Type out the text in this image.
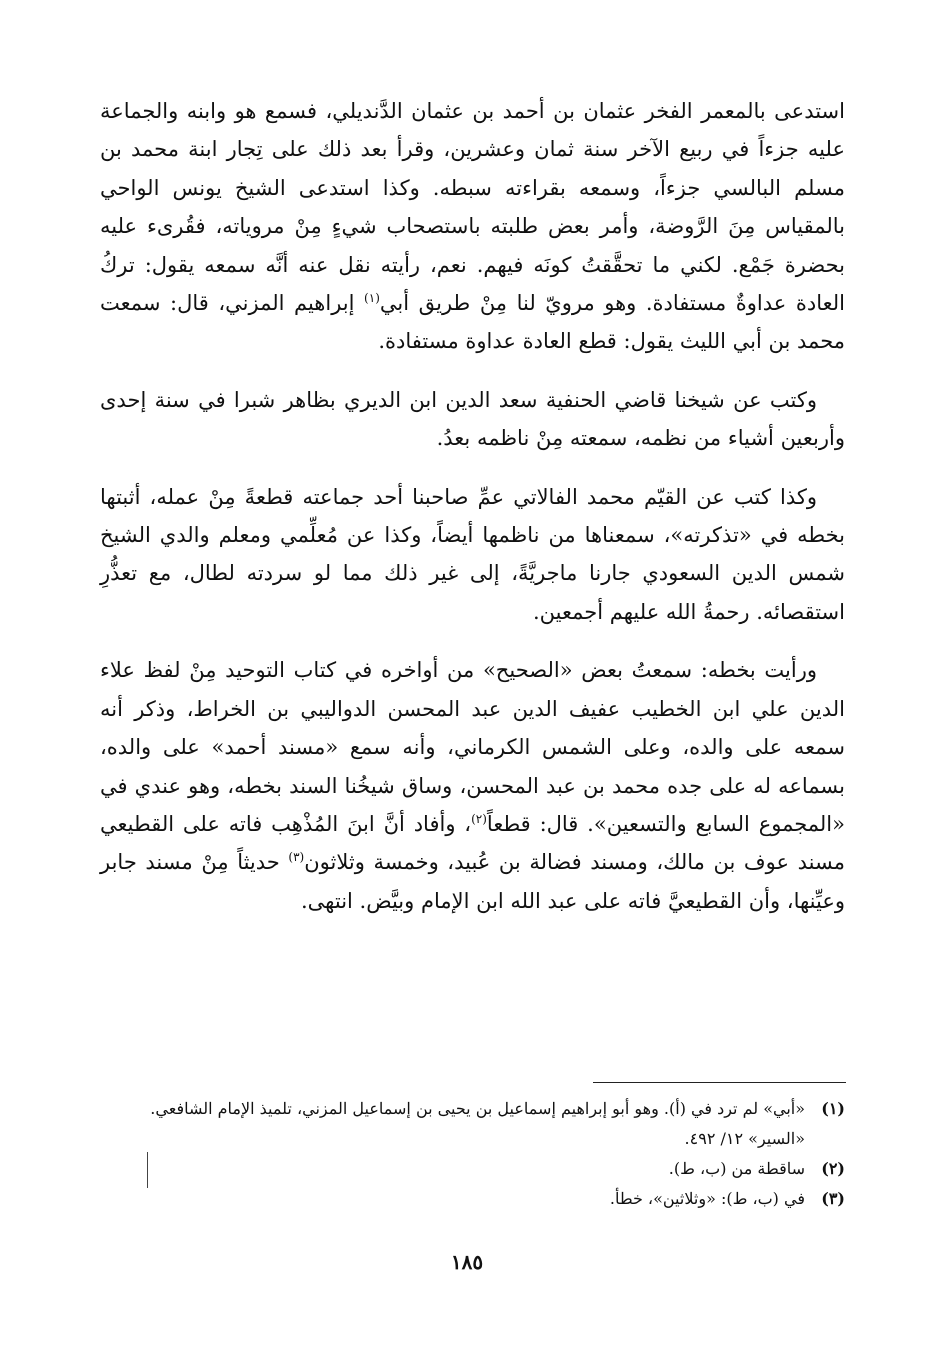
استدعى بالمعمر الفخر عثمان بن أحمد بن عثمان الدَّنديلي، فسمع هو وابنه والجماعة عليه جزءاً في ربيع الآخر سنة ثمان وعشرين، وقرأ بعد ذلك على تِجار ابنة محمد بن مسلم البالسي جزءاً، وسمعه بقراءته سبطه. وكذا استدعى الشيخ يونس الواحي بالمقياس مِنَ الرَّوضة، وأمر بعض طلبته باستصحاب شيءٍ مِنْ مروياته، فقُرىء عليه بحضرة جَمْع. لكني ما تحقَّقتُ كونَه فيهم. نعم، رأيته نقل عنه أنَّه سمعه يقول: تركُ العادة عداوةٌ مستفادة. وهو مرويّ لنا مِنْ طريق أبي$^{(١)}$ إبراهيم المزني، قال: سمعت محمد بن أبي الليث يقول: قطع العادة عداوة مستفادة.

وكتب عن شيخنا قاضي الحنفية سعد الدين ابن الديري بظاهر شبرا في سنة إحدى وأربعين أشياء من نظمه، سمعته مِنْ ناظمه بعدُ.

وكذا كتب عن القيّم محمد الفالاتي عمِّ صاحبنا أحد جماعته قطعةً مِنْ عمله، أثبتها بخطه في «تذكرته»، سمعناها من ناظمها أيضاً، وكذا عن مُعلِّمي ومعلم والدي الشيخ شمس الدين السعودي جارنا ماجريَّةً، إلى غير ذلك مما لو سردته لطال، مع تعذُّرِ استقصائه. رحمةُ الله عليهم أجمعين.

ورأيت بخطه: سمعتُ بعض «الصحيح» من أواخره في كتاب التوحيد مِنْ لفظ علاء الدين علي ابن الخطيب عفيف الدين عبد المحسن الدواليبي بن الخراط، وذكر أنه سمعه على والده، وعلى الشمس الكرماني، وأنه سمع «مسند أحمد» على والده، بسماعه له على جده محمد بن عبد المحسن، وساق شيخُنا السند بخطه، وهو عندي في «المجموع السابع والتسعين». قال: قطعاً$^{(٢)}$، وأفاد أنَّ ابنَ المُذْهِب فاته على القطيعي مسند عوف بن مالك، ومسند فضالة بن عُبيد، وخمسة وثلاثون$^{(٣)}$ حديثاً مِنْ مسند جابر وعيِّنها، وأن القطيعيَّ فاته على عبد الله ابن الإمام وبيَّض. انتهى.

(١)
«أبي» لم ترد في (أ). وهو أبو إبراهيم إسماعيل بن يحيى بن إسماعيل المزني، تلميذ الإمام الشافعي. «السير» ١٢/ ٤٩٢.

(٢)
ساقطة من (ب، ط).

(٣)
في (ب، ط): «وثلاثين»، خطأ.

١٨٥
